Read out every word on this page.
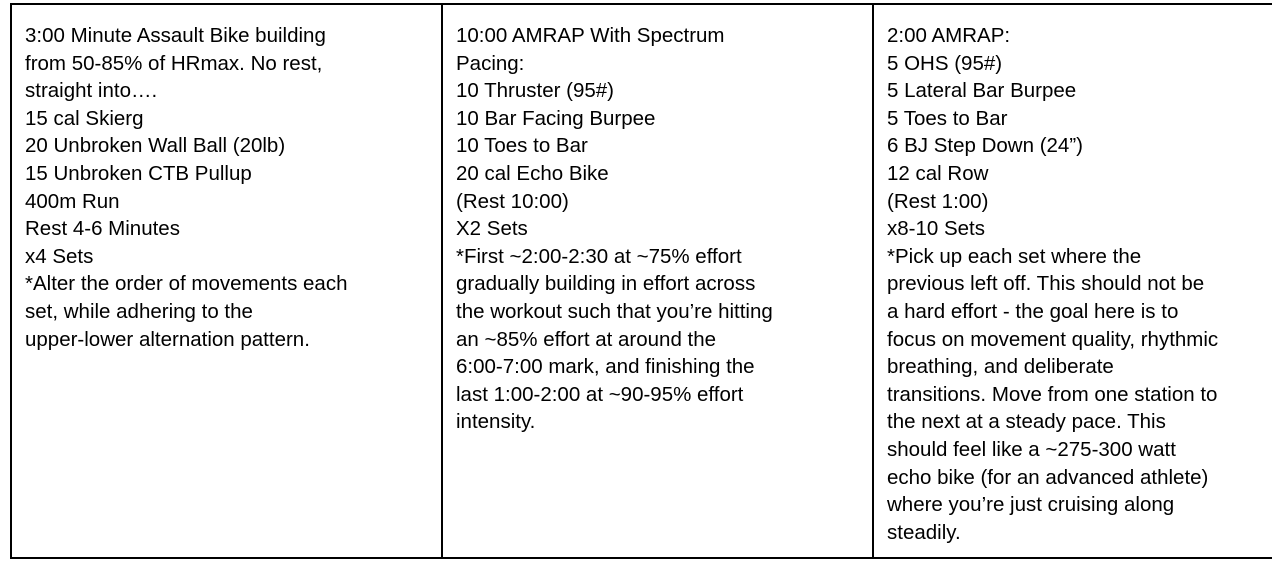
3:00 Minute Assault Bike building
from 50-85% of HRmax. No rest,
straight into….
15 cal Skierg
20 Unbroken Wall Ball (20lb)
15 Unbroken CTB Pullup
400m Run
Rest 4-6 Minutes
x4 Sets
*Alter the order of movements each
set, while adhering to the
upper-lower alternation pattern.

10:00 AMRAP With Spectrum
Pacing:
10 Thruster (95#)
10 Bar Facing Burpee
10 Toes to Bar
20 cal Echo Bike
(Rest 10:00)
X2 Sets
*First ~2:00-2:30 at ~75% effort
gradually building in effort across
the workout such that you’re hitting
an ~85% effort at around the
6:00-7:00 mark, and finishing the
last 1:00-2:00 at ~90-95% effort
intensity.

2:00 AMRAP:
5 OHS (95#)
5 Lateral Bar Burpee
5 Toes to Bar
6 BJ Step Down (24”)
12 cal Row
(Rest 1:00)
x8-10 Sets
*Pick up each set where the
previous left off. This should not be
a hard effort - the goal here is to
focus on movement quality, rhythmic
breathing, and deliberate
transitions. Move from one station to
the next at a steady pace. This
should feel like a ~275-300 watt
echo bike (for an advanced athlete)
where you’re just cruising along
steadily.
